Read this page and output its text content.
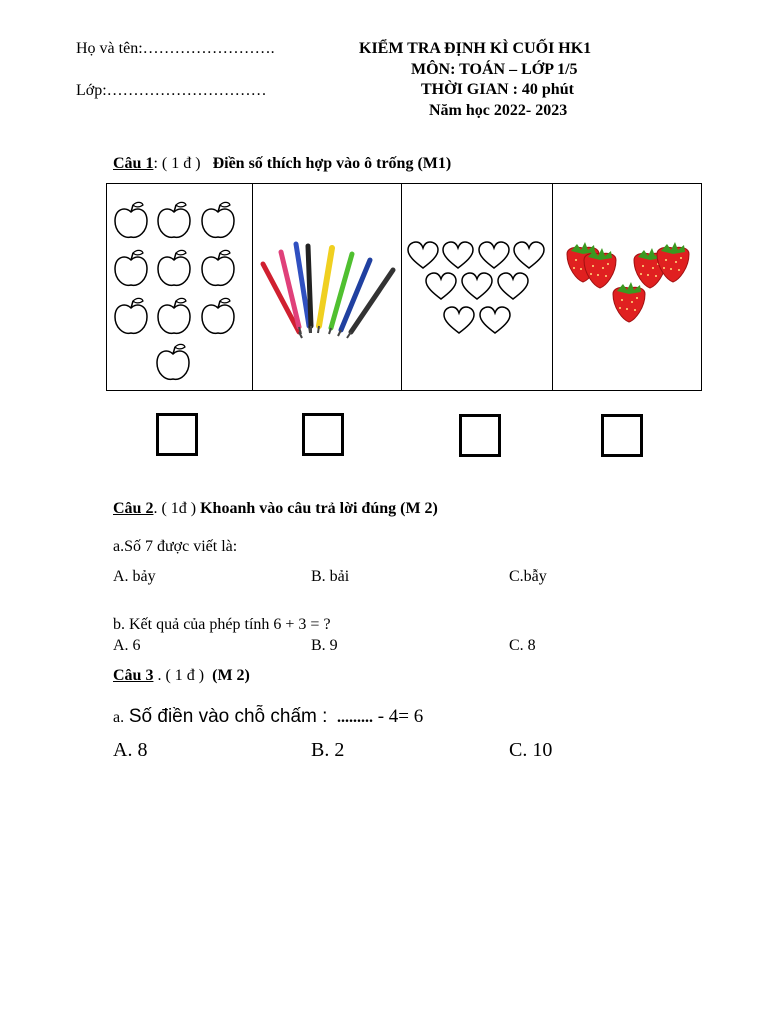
Họ và tên:…………………….
Lớp:…………………………
KIỂM TRA ĐỊNH KÌ CUỐI HK1
MÔN: TOÁN – LỚP 1/5
THỜI GIAN : 40 phút
Năm học 2022- 2023
Câu 1: ( 1 đ ) Điền số thích hợp vào ô trống (M1)
Câu 2. ( 1đ ) Khoanh vào câu trả lời đúng (M 2)
a.Số 7 được viết là:
A. bảy	B. bải	C.bẫy
b. Kết quả của phép tính 6 + 3 = ?
A. 6	B. 9	C. 8
Câu 3 . ( 1 đ ) (M 2)
a. Số điền vào chỗ chấm : ......... - 4= 6
A. 8	B. 2	C. 10
